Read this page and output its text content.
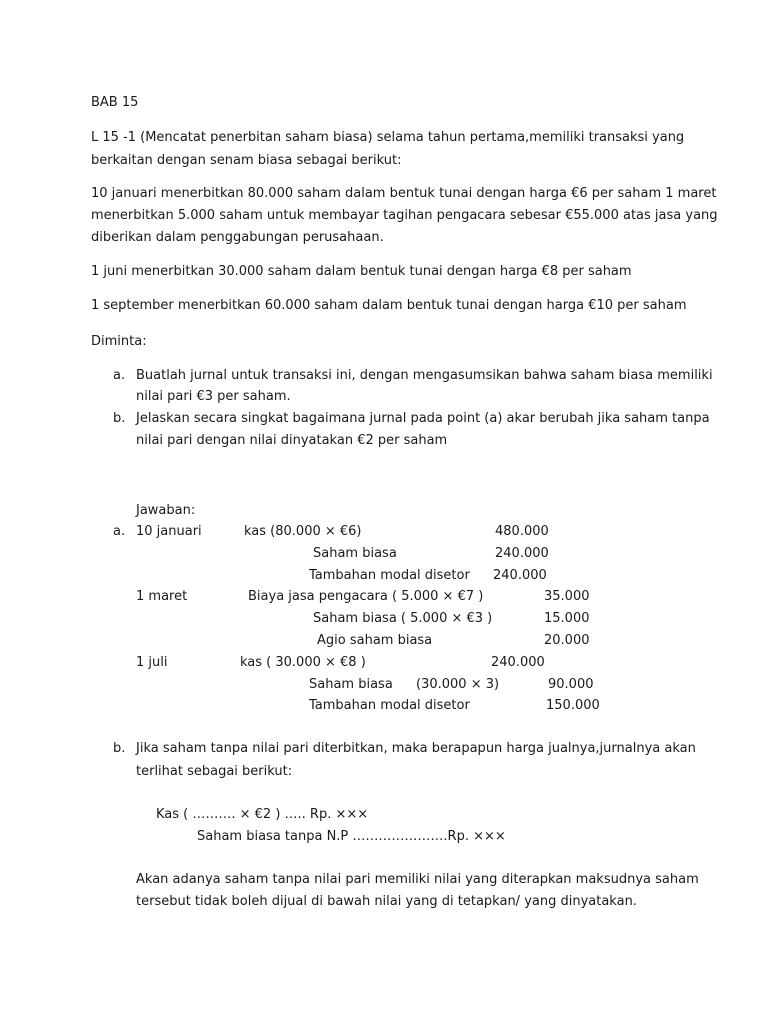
BAB 15
L 15 -1 (Mencatat penerbitan saham biasa) selama tahun pertama,memiliki transaksi yang
berkaitan dengan senam biasa sebagai berikut:
10 januari menerbitkan 80.000 saham dalam bentuk tunai dengan harga €6 per saham 1 maret
menerbitkan 5.000 saham untuk membayar tagihan pengacara sebesar €55.000 atas jasa yang
diberikan dalam penggabungan perusahaan.
1 juni menerbitkan 30.000 saham dalam bentuk tunai dengan harga €8 per saham
1 september menerbitkan 60.000 saham dalam bentuk tunai dengan harga €10 per saham
Diminta:
a. Buatlah jurnal untuk transaksi ini, dengan mengasumsikan bahwa saham biasa memiliki
nilai pari €3 per saham.
b. Jelaskan secara singkat bagaimana jurnal pada point (a) akar berubah jika saham tanpa
nilai pari dengan nilai dinyatakan €2 per saham
Jawaban:
a. 10 januari	kas (80.000 × €6)	480.000
Saham biasa	240.000
Tambahan modal disetor 240.000
1 maret	Biaya jasa pengacara ( 5.000 × €7 )	35.000
Saham biasa ( 5.000 × €3 )	15.000
Agio saham biasa	20.000
1 juli	kas ( 30.000 × €8 )	240.000
Saham biasa (30.000 × 3)	90.000
Tambahan modal disetor	150.000
b. Jika saham tanpa nilai pari diterbitkan, maka berapapun harga jualnya,jurnalnya akan
terlihat sebagai berikut:
Kas ( ………. × €2 ) ….. Rp. ×××
Saham biasa tanpa N.P ………………….Rp. ×××
Akan adanya saham tanpa nilai pari memiliki nilai yang diterapkan maksudnya saham
tersebut tidak boleh dijual di bawah nilai yang di tetapkan/ yang dinyatakan.
